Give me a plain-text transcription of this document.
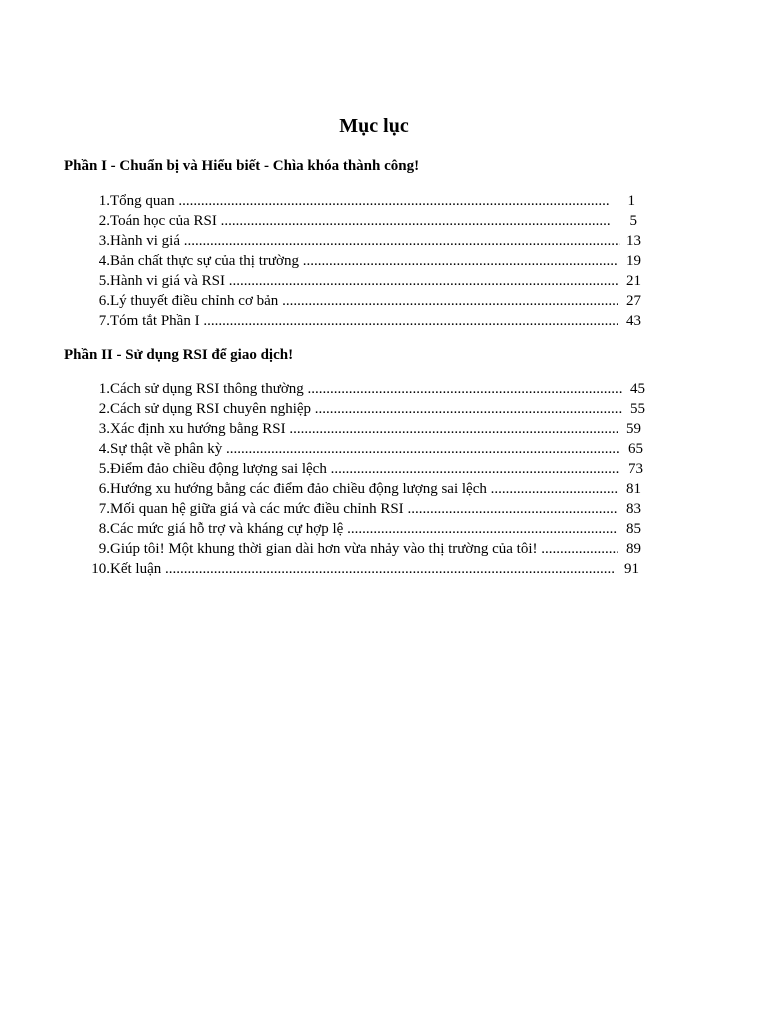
Mục lục
Phần I - Chuẩn bị và Hiểu biết - Chìa khóa thành công!
1. Tổng quan .....	1
2. Toán học của RSI .....	5
3. Hành vi giá .....	13
4. Bản chất thực sự của thị trường .....	19
5. Hành vi giá và RSI .....	21
6. Lý thuyết điều chỉnh cơ bản .....	27
7. Tóm tắt Phần I .....	43
Phần II - Sử dụng RSI để giao dịch!
1. Cách sử dụng RSI thông thường .....	45
2. Cách sử dụng RSI chuyên nghiệp .....	55
3. Xác định xu hướng bằng RSI .....	59
4. Sự thật về phân kỳ .....	65
5. Điểm đảo chiều động lượng sai lệch .....	73
6. Hướng xu hướng bằng các điểm đảo chiều động lượng sai lệch .....	81
7. Mối quan hệ giữa giá và các mức điều chỉnh RSI .....	83
8. Các mức giá hỗ trợ và kháng cự hợp lệ .....	85
9. Giúp tôi! Một khung thời gian dài hơn vừa nhảy vào thị trường của tôi! .....	89
10. Kết luận .....	91
